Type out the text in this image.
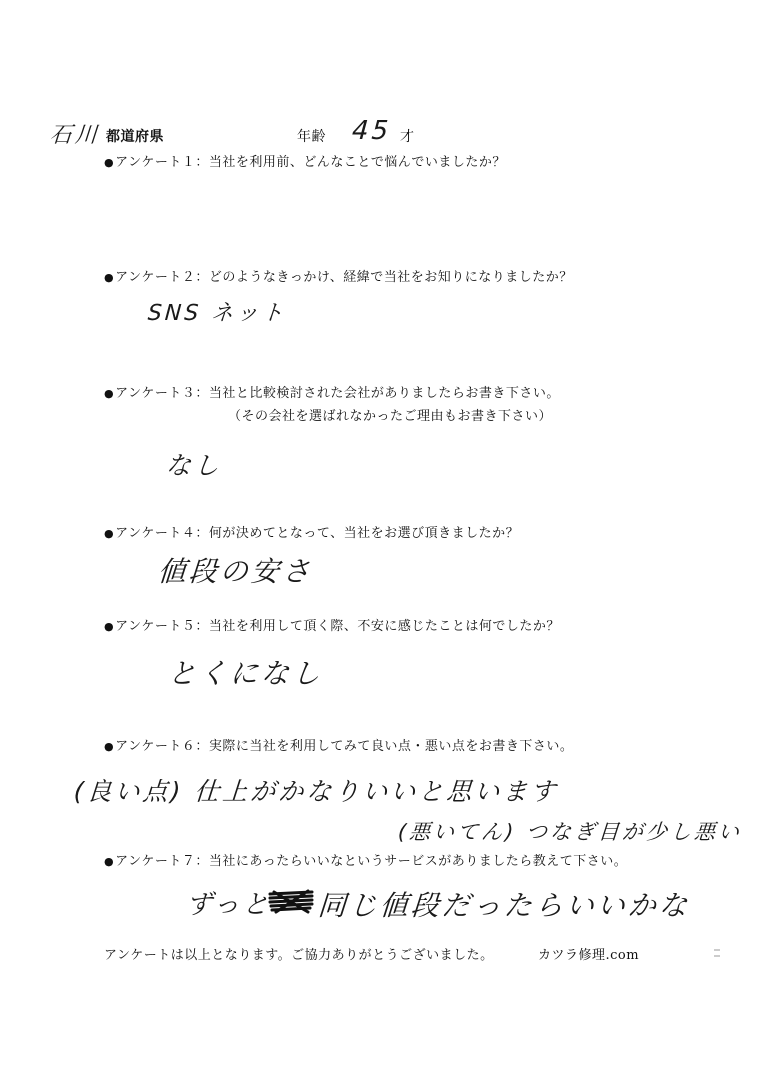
石川 都道府県	年齢 45 才
●アンケート１：当社を利用前、どんなことで悩んでいましたか？
●アンケート２：どのようなきっかけ、経緯で当社をお知りになりましたか？
SNS ネット
●アンケート３：当社と比較検討された会社がありましたらお書き下さい。
（その会社を選ばれなかったご理由もお書き下さい）
なし
●アンケート４：何が決めてとなって、当社をお選び頂きましたか？
値段の安さ
●アンケート５：当社を利用して頂く際、不安に感じたことは何でしたか？
とくになし
●アンケート６：実際に当社を利用してみて良い点・悪い点をお書き下さい。
(良い点) 仕上がかなりいいと思います
(悪いてん) つなぎ目が少し悪い
●アンケート７：当社にあったらいいなというサービスがありましたら教えて下さい。
ずっと 同じ値段だったらいいかな
アンケートは以上となります。ご協力ありがとうございました。	カツラ修理.com
